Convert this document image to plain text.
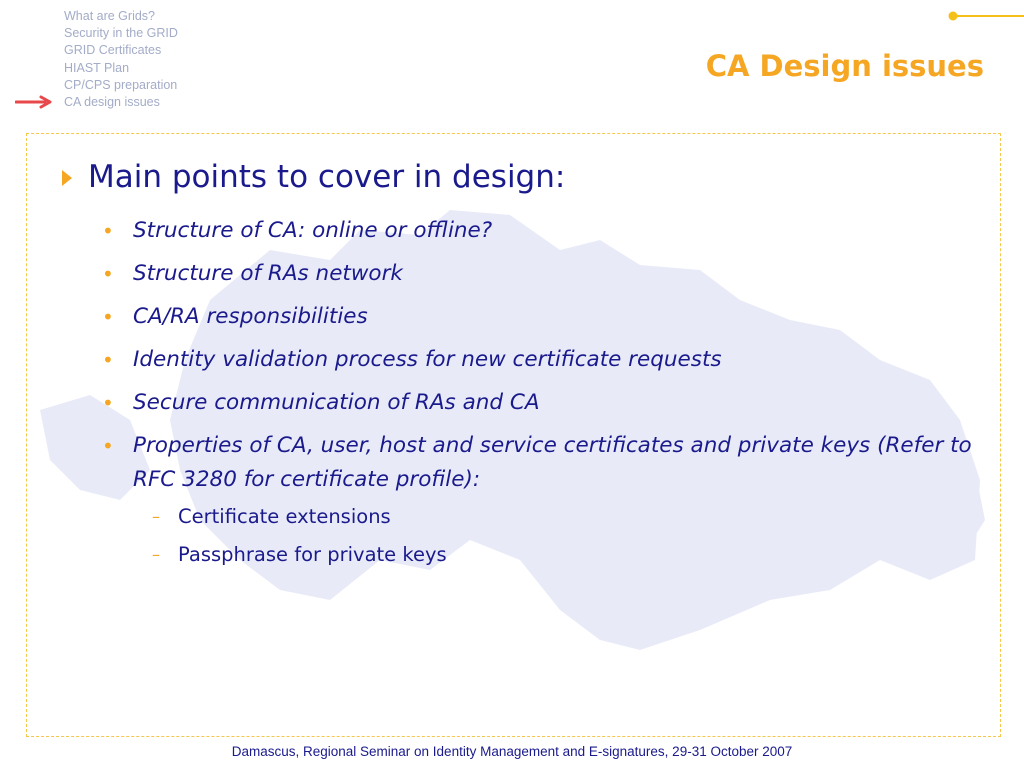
What are Grids?
Security in the GRID
GRID Certificates
HIAST Plan
CP/CPS preparation
CA design issues
CA Design issues
Main points to cover in design:
• Structure of CA: online or offline?
• Structure of RAs network
• CA/RA responsibilities
• Identity validation process for new certificate requests
• Secure communication of RAs and CA
• Properties of CA, user, host and service certificates and private keys (Refer to RFC 3280 for certificate profile):
– Certificate extensions
– Passphrase for private keys
Damascus, Regional Seminar on Identity Management and E-signatures, 29-31 October 2007
